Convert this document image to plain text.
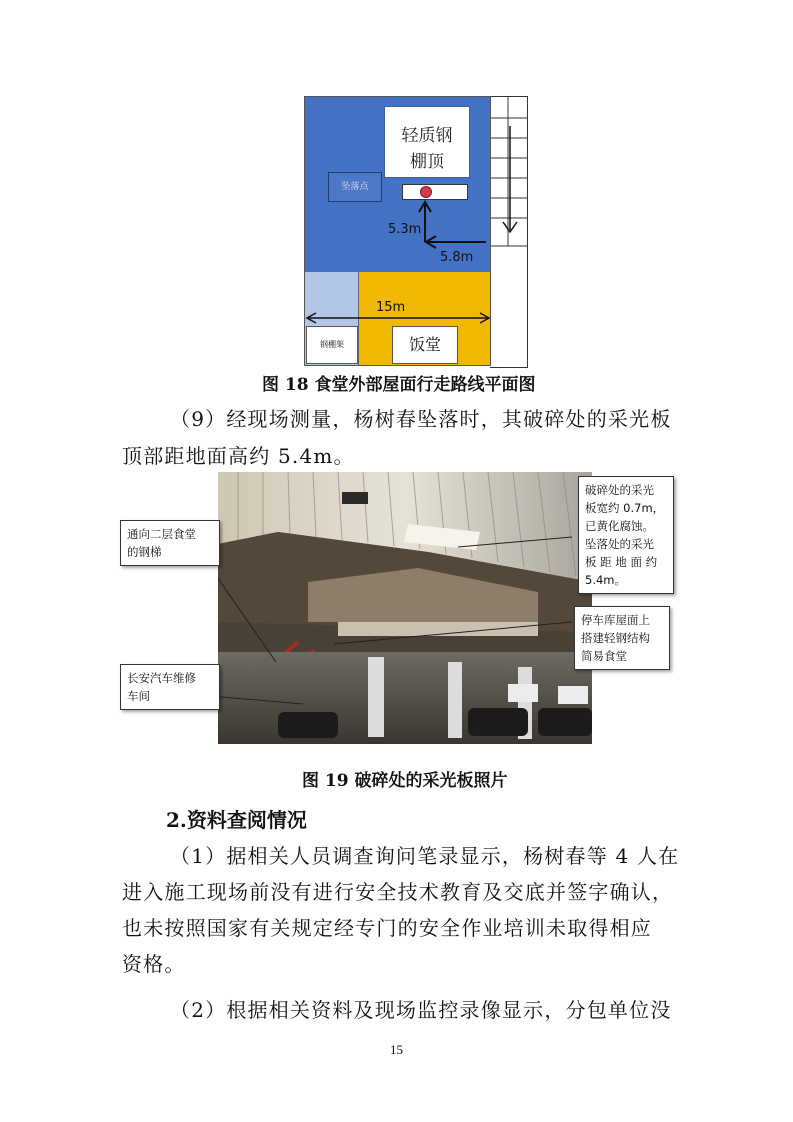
轻质钢
棚顶
坠落点
钢棚架	饭堂
5.3m
5.8m
15m
图 18 食堂外部屋面行走路线平面图
（9）经现场测量，杨树春坠落时，其破碎处的采光板
顶部距地面高约 5.4m。
破碎处的采光
板宽约 0.7m，
已黄化腐蚀。
坠落处的采光
板 距 地 面 约
5.4m。
通向二层食堂
的钢梯
停车库屋面上
搭建轻钢结构
简易食堂
长安汽车维修
车间
图 19 破碎处的采光板照片
2.资料查阅情况
（1）据相关人员调查询问笔录显示，杨树春等 4 人在
进入施工现场前没有进行安全技术教育及交底并签字确认，
也未按照国家有关规定经专门的安全作业培训未取得相应
资格。
（2）根据相关资料及现场监控录像显示，分包单位没
15
